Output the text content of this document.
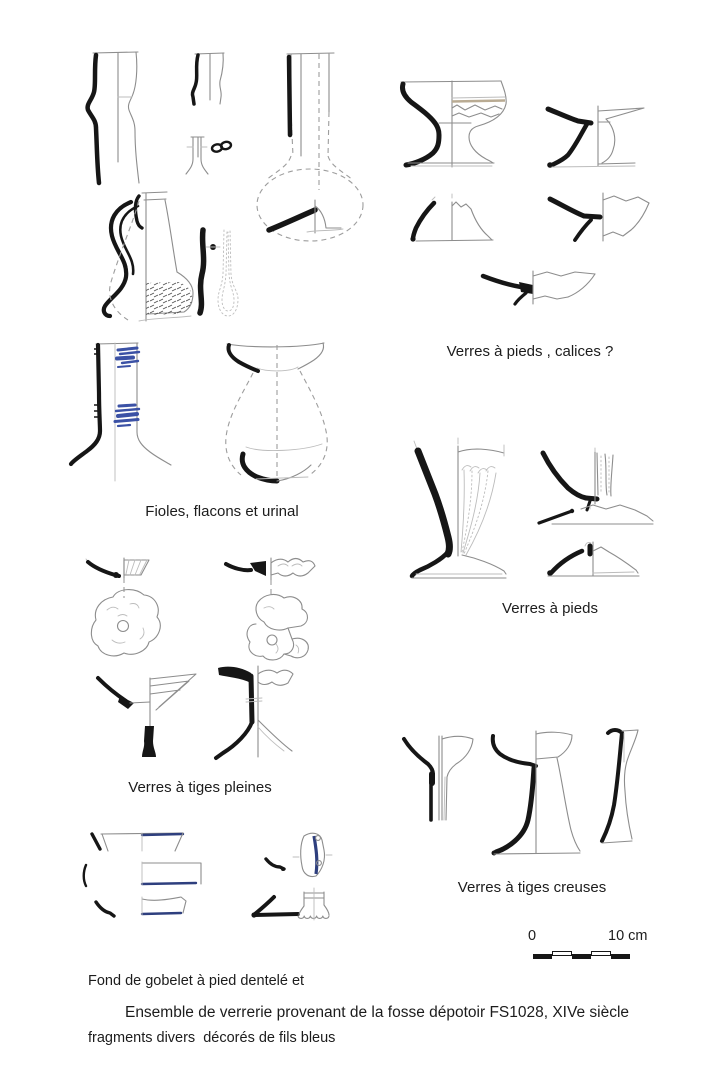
Verres à pieds , calices ?
Fioles, flacons et urinal
Verres à pieds
Verres à tiges pleines
Verres à tiges creuses

Fond de gobelet à pied dentelé et

fragments divers  décorés de fils bleus

0	10 cm
Ensemble de verrerie provenant de la fosse dépotoir FS1028, XIVe siècle
